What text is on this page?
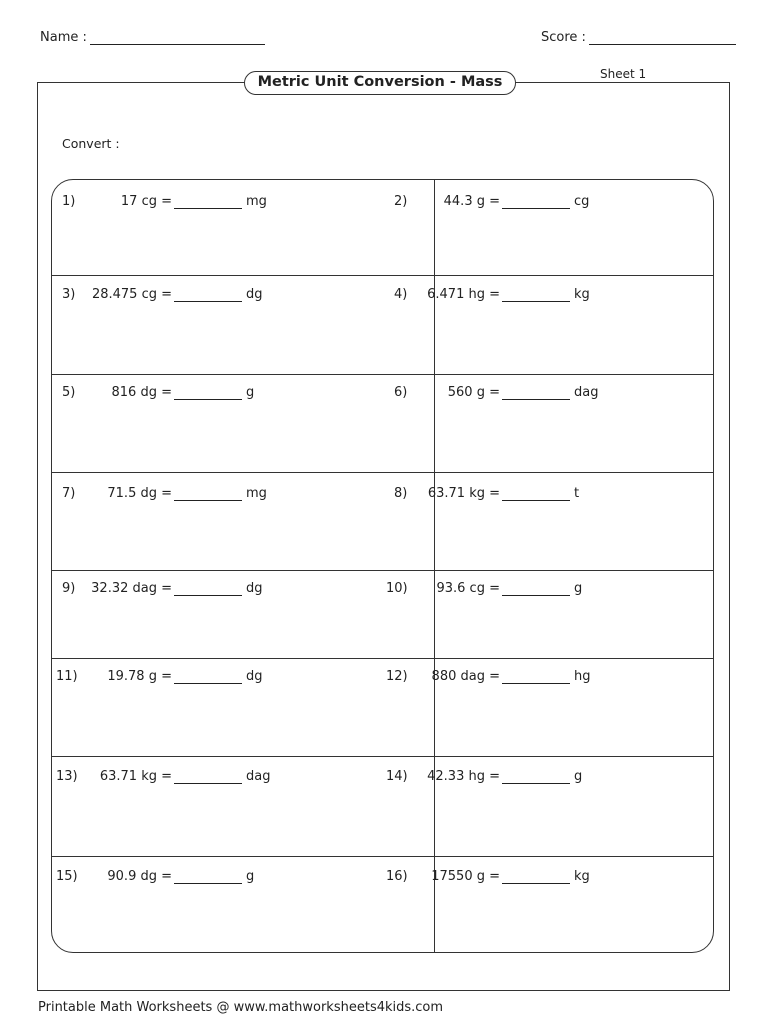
Name :	Score :
Metric Unit Conversion - Mass	Sheet 1
Convert :
1)	17 cg =	mg	2)	44.3 g =	cg
3) 28.475 cg =	dg	4) 6.471 hg =	kg
5)	816 dg =	g	6)	560 g =	dag
7) 71.5 dg =	mg	8) 63.71 kg =	t
9) 32.32 dag =	dg	10) 93.6 cg =	g
11) 19.78 g =	dg	12) 880 dag =	hg
13) 63.71 kg =	dag	14) 42.33 hg =	g
15) 90.9 dg =	g	16) 17550 g =	kg
Printable Math Worksheets @ www.mathworksheets4kids.com
